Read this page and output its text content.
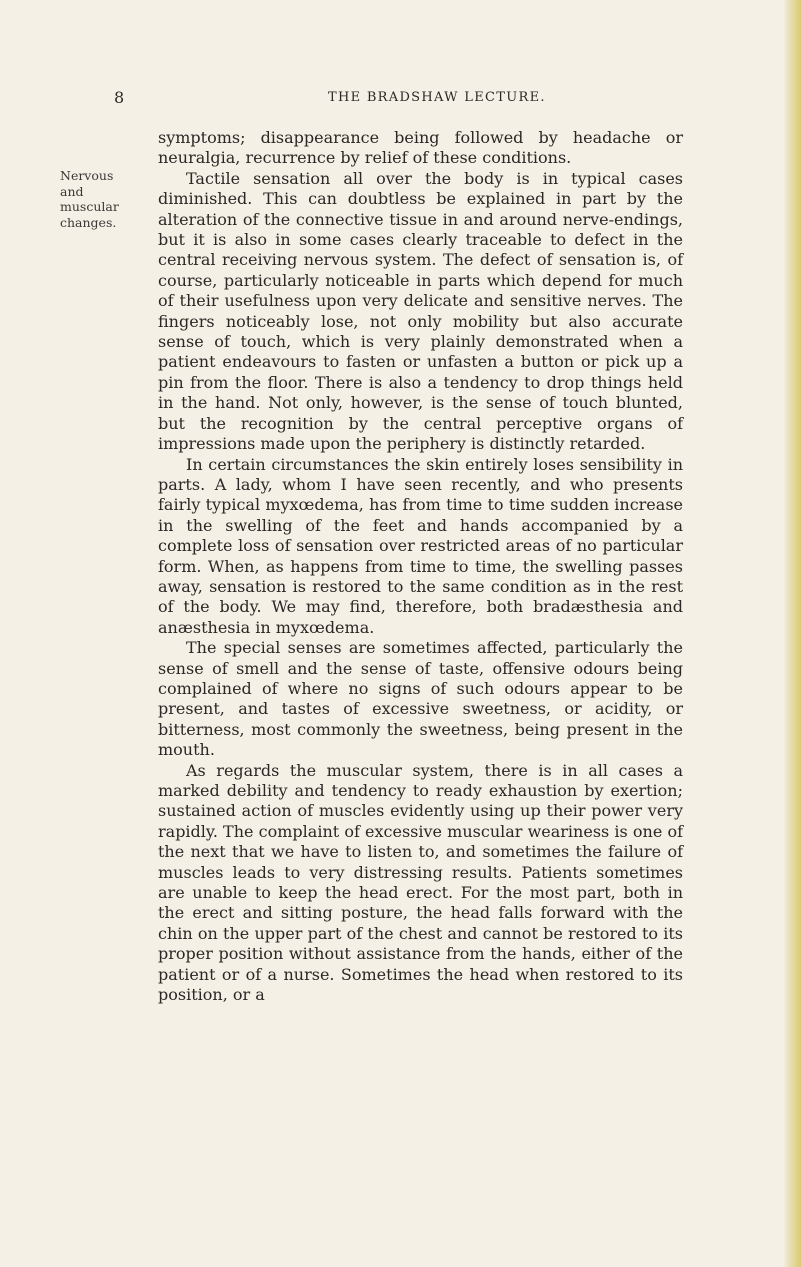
8	THE BRADSHAW LECTURE.
Nervous and
muscular
changes.

symptoms; disappearance being followed by headache or neuralgia, recurrence by relief of these conditions.

Tactile sensation all over the body is in typical cases diminished. This can doubtless be explained in part by the alteration of the connective tissue in and around nerve-endings, but it is also in some cases clearly traceable to defect in the central receiving nervous system. The defect of sensation is, of course, particularly noticeable in parts which depend for much of their usefulness upon very delicate and sensitive nerves. The fingers noticeably lose, not only mobility but also accurate sense of touch, which is very plainly demonstrated when a patient endeavours to fasten or unfasten a button or pick up a pin from the floor. There is also a tendency to drop things held in the hand. Not only, however, is the sense of touch blunted, but the recognition by the central perceptive organs of impressions made upon the periphery is distinctly retarded.

In certain circumstances the skin entirely loses sensibility in parts. A lady, whom I have seen recently, and who presents fairly typical myxœdema, has from time to time sudden increase in the swelling of the feet and hands accompanied by a complete loss of sensation over restricted areas of no particular form. When, as happens from time to time, the swelling passes away, sensation is restored to the same condition as in the rest of the body. We may find, therefore, both bradæsthesia and anæsthesia in myxœdema.

The special senses are sometimes affected, particularly the sense of smell and the sense of taste, offensive odours being complained of where no signs of such odours appear to be present, and tastes of excessive sweetness, or acidity, or bitterness, most commonly the sweetness, being present in the mouth.

As regards the muscular system, there is in all cases a marked debility and tendency to ready exhaustion by exertion; sustained action of muscles evidently using up their power very rapidly. The complaint of excessive muscular weariness is one of the next that we have to listen to, and sometimes the failure of muscles leads to very distressing results. Patients sometimes are unable to keep the head erect. For the most part, both in the erect and sitting posture, the head falls forward with the chin on the upper part of the chest and cannot be restored to its proper position without assistance from the hands, either of the patient or of a nurse. Sometimes the head when restored to its position, or a
